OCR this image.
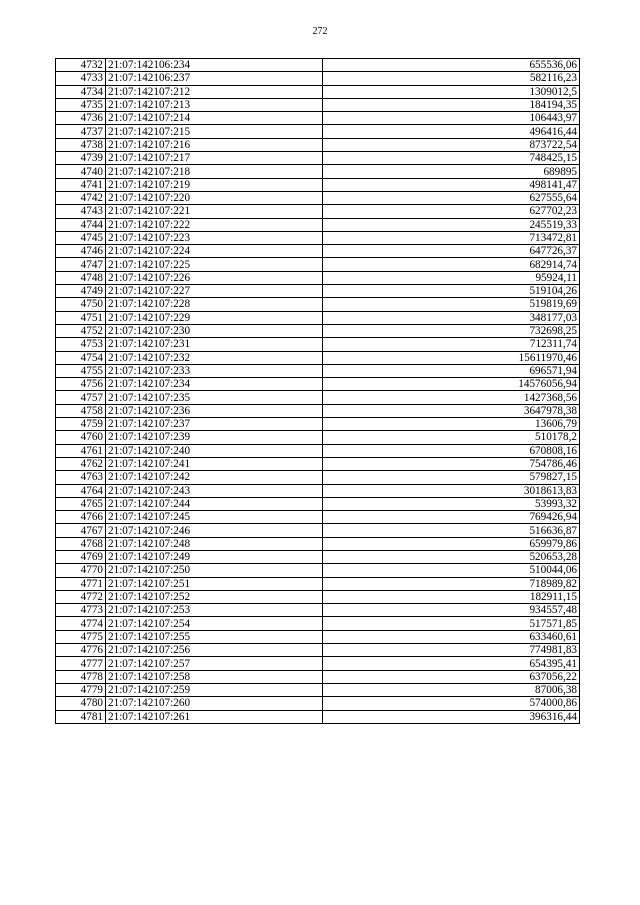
272
4732	21:07:142106:234	655536,06
4733	21:07:142106:237	582116,23
4734	21:07:142107:212	1309012,5
4735	21:07:142107:213	184194,35
4736	21:07:142107:214	106443,97
4737	21:07:142107:215	496416,44
4738	21:07:142107:216	873722,54
4739	21:07:142107:217	748425,15
4740	21:07:142107:218	689895
4741	21:07:142107:219	498141,47
4742	21:07:142107:220	627555,64
4743	21:07:142107:221	627702,23
4744	21:07:142107:222	245519,33
4745	21:07:142107:223	713472,81
4746	21:07:142107:224	647726,37
4747	21:07:142107:225	682914,74
4748	21:07:142107:226	95924,11
4749	21:07:142107:227	519104,26
4750	21:07:142107:228	519819,69
4751	21:07:142107:229	348177,03
4752	21:07:142107:230	732698,25
4753	21:07:142107:231	712311,74
4754	21:07:142107:232	15611970,46
4755	21:07:142107:233	696571,94
4756	21:07:142107:234	14576056,94
4757	21:07:142107:235	1427368,56
4758	21:07:142107:236	3647978,38
4759	21:07:142107:237	13606,79
4760	21:07:142107:239	510178,2
4761	21:07:142107:240	670808,16
4762	21:07:142107:241	754786,46
4763	21:07:142107:242	579827,15
4764	21:07:142107:243	3018613,83
4765	21:07:142107:244	53993,32
4766	21:07:142107:245	769426,94
4767	21:07:142107:246	516636,87
4768	21:07:142107:248	659979,86
4769	21:07:142107:249	520653,28
4770	21:07:142107:250	510044,06
4771	21:07:142107:251	718989,82
4772	21:07:142107:252	182911,15
4773	21:07:142107:253	934557,48
4774	21:07:142107:254	517571,85
4775	21:07:142107:255	633460,61
4776	21:07:142107:256	774981,83
4777	21:07:142107:257	654395,41
4778	21:07:142107:258	637056,22
4779	21:07:142107:259	87006,38
4780	21:07:142107:260	574000,86
4781	21:07:142107:261	396316,44
